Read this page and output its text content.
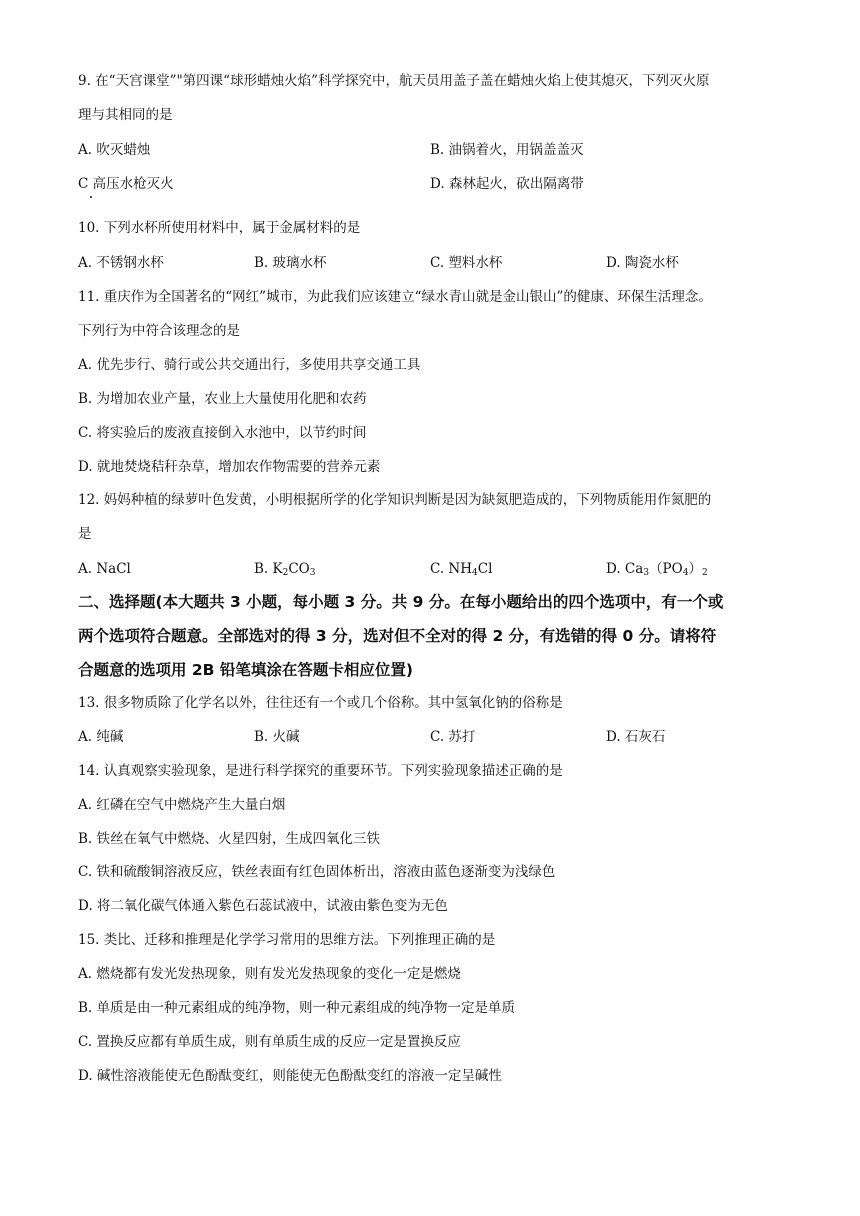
9. 在“天宫课堂”"第四课“球形蜡烛火焰”科学探究中，航天员用盖子盖在蜡烛火焰上使其熄灭，下列灭火原
理与其相同的是
A. 吹灭蜡烛	B. 油锅着火，用锅盖盖灭
C 高压水枪灭火	D. 森林起火，砍出隔离带
10. 下列水杯所使用材料中，属于金属材料的是
A. 不锈钢水杯	B. 玻璃水杯	C. 塑料水杯	D. 陶瓷水杯
11. 重庆作为全国著名的“网红”城市，为此我们应该建立“绿水青山就是金山银山”的健康、环保生活理念。
下列行为中符合该理念的是
A. 优先步行、骑行或公共交通出行，多使用共享交通工具
B. 为增加农业产量，农业上大量使用化肥和农药
C. 将实验后的废液直接倒入水池中，以节约时间
D. 就地焚烧秸秆杂草，增加农作物需要的营养元素
12. 妈妈种植的绿萝叶色发黄，小明根据所学的化学知识判断是因为缺氮肥造成的，下列物质能用作氮肥的
是
A. NaCl	B. $K_2CO_3$	C. $NH_4Cl$	D. $Ca_3(PO_4)_2$
二、选择题(本大题共 3 小题，每小题 3 分。共 9 分。在每小题给出的四个选项中，有一个或
两个选项符合题意。全部选对的得 3 分，选对但不全对的得 2 分，有选错的得 0 分。请将符
合题意的选项用 2B 铅笔填涂在答题卡相应位置)
13. 很多物质除了化学名以外，往往还有一个或几个俗称。其中氢氧化钠的俗称是
A. 纯碱	B. 火碱	C. 苏打	D. 石灰石
14. 认真观察实验现象，是进行科学探究的重要环节。下列实验现象描述正确的是
A. 红磷在空气中燃烧产生大量白烟
B. 铁丝在氧气中燃烧、火星四射，生成四氧化三铁
C. 铁和硫酸铜溶液反应，铁丝表面有红色固体析出，溶液由蓝色逐渐变为浅绿色
D. 将二氧化碳气体通入紫色石蕊试液中，试液由紫色变为无色
15. 类比、迁移和推理是化学学习常用的思维方法。下列推理正确的是
A. 燃烧都有发光发热现象，则有发光发热现象的变化一定是燃烧
B. 单质是由一种元素组成的纯净物，则一种元素组成的纯净物一定是单质
C. 置换反应都有单质生成，则有单质生成的反应一定是置换反应
D. 碱性溶液能使无色酚酞变红，则能使无色酚酞变红的溶液一定呈碱性
